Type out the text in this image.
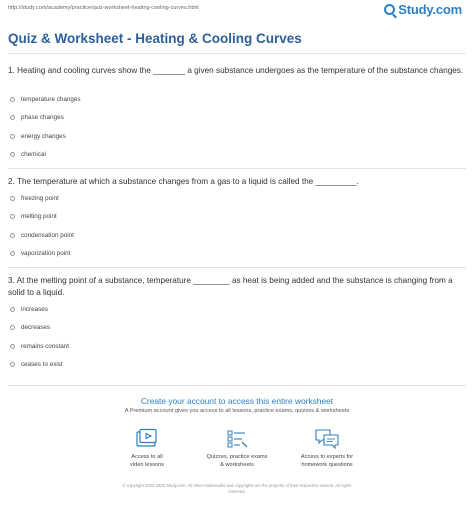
http://study.com/academy/practice/quiz-worksheet-heating-cooling-curves.html	Study.com
Quiz & Worksheet - Heating & Cooling Curves
1. Heating and cooling curves show the _______ a given substance undergoes as the temperature of the substance changes.
temperature changes
phase changes
energy changes
chemical
2. The temperature at which a substance changes from a gas to a liquid is called the _________.
freezing point
melting point
condensation point
vaporization point
3. At the melting point of a substance, temperature ________ as heat is being added and the substance is changing from a solid to a liquid.
increases
decreases
remains constant
ceases to exist
Create your account to access this entire worksheet
A Premium account gives you access to all lessons, practice exams, quizzes & worksheets
Access to all
video lessons
Quizzes, practice exams
& worksheets
Access to experts for
homework questions
© copyright 2003-2020 Study.com. All other trademarks and copyrights are the property of their respective owners. All rights
reserved.
